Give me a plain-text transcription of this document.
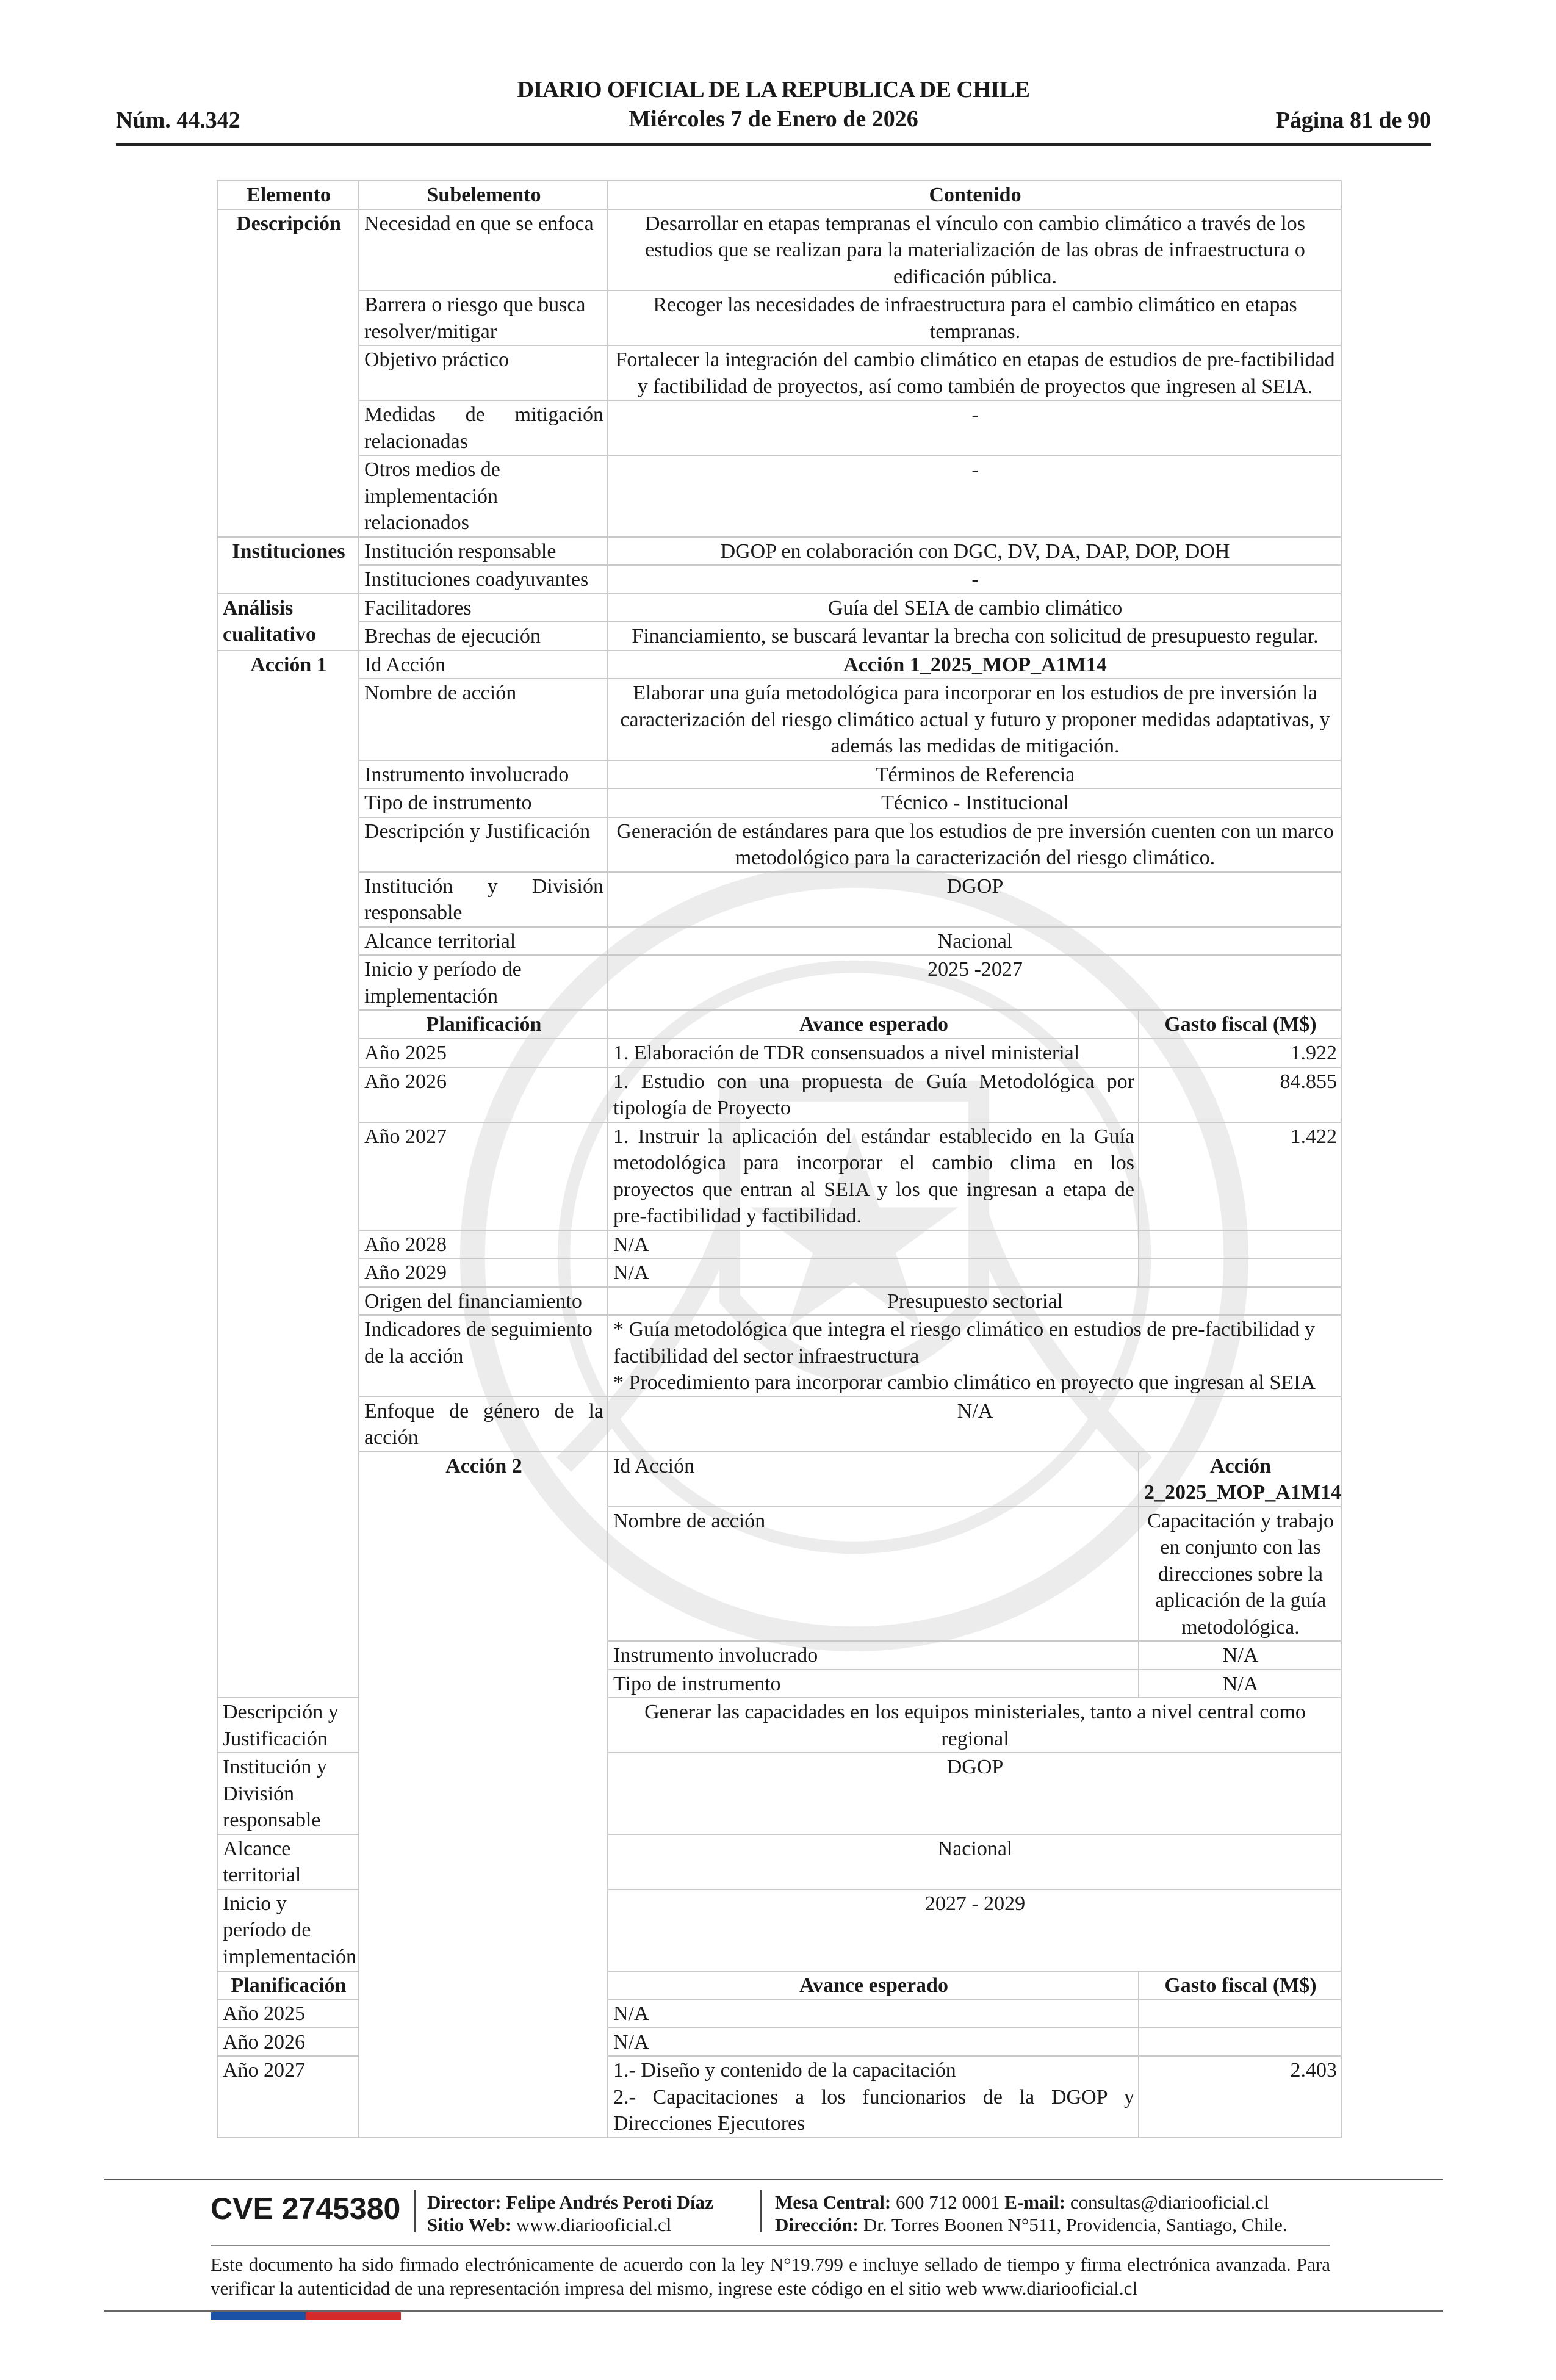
Núm. 44.342
DIARIO OFICIAL DE LA REPUBLICA DE CHILE
Miércoles 7 de Enero de 2026	Página 81 de 90
Elemento	Subelemento	Contenido	
Descripción	Necesidad en que se enfoca	Desarrollar en etapas tempranas el vínculo con cambio climático a través de los estudios que se realizan para la materialización de las obras de infraestructura o edificación pública.	
	Barrera o riesgo que busca resolver/mitigar	Recoger las necesidades de infraestructura para el cambio climático en etapas tempranas.	
	Objetivo práctico	Fortalecer la integración del cambio climático en etapas de estudios de pre-factibilidad y factibilidad de proyectos, así como también de proyectos que ingresen al SEIA.	
	Medidas de mitigación relacionadas	-	
	Otros medios de implementación relacionados	-	
Instituciones	Institución responsable	DGOP en colaboración con DGC, DV, DA, DAP, DOP, DOH	
	Instituciones coadyuvantes	-	
Análisis cualitativo	Facilitadores	Guía del SEIA de cambio climático	
	Brechas de ejecución	Financiamiento, se buscará levantar la brecha con solicitud de presupuesto regular.	
Acción 1	Id Acción	Acción 1_2025_MOP_A1M14	
	Nombre de acción	Elaborar una guía metodológica para incorporar en los estudios de pre inversión la caracterización del riesgo climático actual y futuro y proponer medidas adaptativas, y además las medidas de mitigación.	
	Instrumento involucrado	Términos de Referencia	
	Tipo de instrumento	Técnico - Institucional	
	Descripción y Justificación	Generación de estándares para que los estudios de pre inversión cuenten con un marco metodológico para la caracterización del riesgo climático.	
	Institución y División responsable	DGOP	
	Alcance territorial	Nacional	
	Inicio y período de implementación	2025 -2027	
	Planificación	Avance esperado	Gasto fiscal (M$)
	Año 2025	1. Elaboración de TDR consensuados a nivel ministerial	1.922
	Año 2026	1. Estudio con una propuesta de Guía Metodológica por tipología de Proyecto	84.855
	Año 2027	1. Instruir la aplicación del estándar establecido en la Guía metodológica para incorporar el cambio clima en los proyectos que entran al SEIA y los que ingresan a etapa de pre-factibilidad y factibilidad.	1.422
	Año 2028	N/A	
	Año 2029	N/A	
	Origen del financiamiento	Presupuesto sectorial	
	Indicadores de seguimiento de la acción	* Guía metodológica que integra el riesgo climático en estudios de pre-factibilidad y factibilidad del sector infraestructura
* Procedimiento para incorporar cambio climático en proyecto que ingresan al SEIA	

	Enfoque de género de la acción	N/A	
	Acción 2	Id Acción	Acción 2_2025_MOP_A1M14
		Nombre de acción	Capacitación y trabajo en conjunto con las direcciones sobre la aplicación de la guía metodológica.
		Instrumento involucrado	N/A
		Tipo de instrumento	N/A
Descripción y Justificación		Generar las capacidades en los equipos ministeriales, tanto a nivel central como regional	
Institución y División responsable		DGOP	
Alcance territorial		Nacional	
Inicio y período de implementación		2027 - 2029	
Planificación		Avance esperado	Gasto fiscal (M$)
Año 2025		N/A	
Año 2026		N/A	
Año 2027		1.- Diseño y contenido de la capacitación
2.- Capacitaciones a los funcionarios de la DGOP y Direcciones Ejecutores	2.403
CVE 2745380 Director: Felipe Andrés Peroti Díaz
Sitio Web: www.diariooficial.cl
Mesa Central: 600 712 0001 E-mail: consultas@diariooficial.cl
Dirección: Dr. Torres Boonen N°511, Providencia, Santiago, Chile.
Este documento ha sido firmado electrónicamente de acuerdo con la ley N°19.799 e incluye sellado de tiempo y firma electrónica avanzada. Para verificar la autenticidad de una representación impresa del mismo, ingrese este código en el sitio web www.diariooficial.cl
